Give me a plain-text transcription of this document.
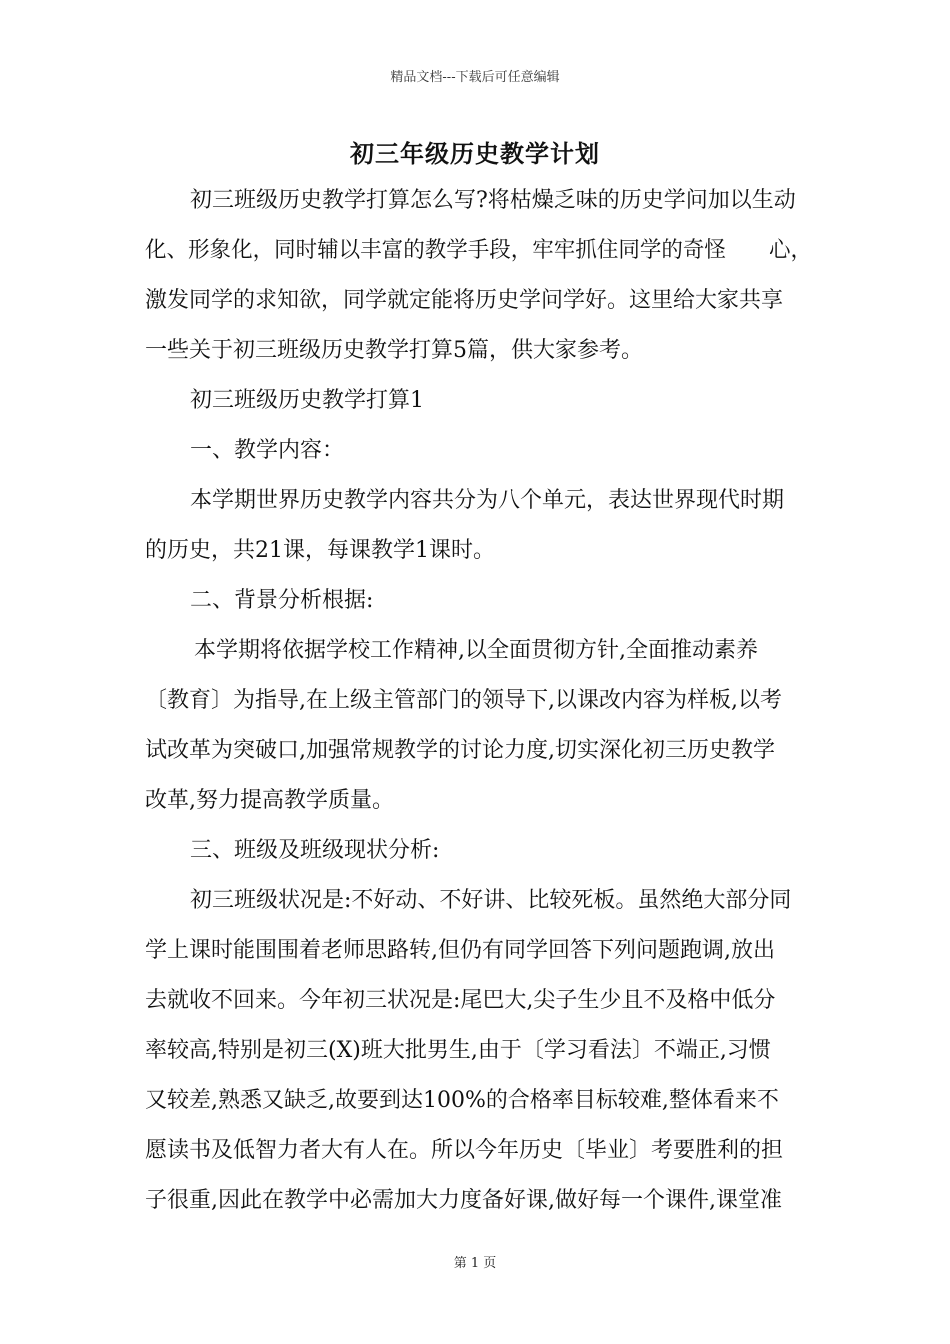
精品文档---下载后可任意编辑
初三年级历史教学计划
初三班级历史教学打算怎么写?将枯燥乏味的历史学问加以生动
化、形象化，同时辅以丰富的教学手段，牢牢抓住同学的奇怪　　心，
激发同学的求知欲，同学就定能将历史学问学好。这里给大家共享
一些关于初三班级历史教学打算5篇，供大家参考。
初三班级历史教学打算1
一、教学内容：
本学期世界历史教学内容共分为八个单元，表达世界现代时期
的历史，共21课，每课教学1课时。
二、背景分析根据:
本学期将依据学校工作精神,以全面贯彻方针,全面推动素养
〔教育〕为指导,在上级主管部门的领导下,以课改内容为样板,以考
试改革为突破口,加强常规教学的讨论力度,切实深化初三历史教学
改革,努力提高教学质量。
三、班级及班级现状分析:
初三班级状况是:不好动、不好讲、比较死板。虽然绝大部分同
学上课时能围围着老师思路转,但仍有同学回答下列问题跑调,放出
去就收不回来。今年初三状况是:尾巴大,尖子生少且不及格中低分
率较高,特别是初三(X)班大批男生,由于〔学习看法〕不端正,习惯
又较差,熟悉又缺乏,故要到达100%的合格率目标较难,整体看来不
愿读书及低智力者大有人在。所以今年历史〔毕业〕考要胜利的担
子很重,因此在教学中必需加大力度备好课,做好每一个课件,课堂准
第 1 页
